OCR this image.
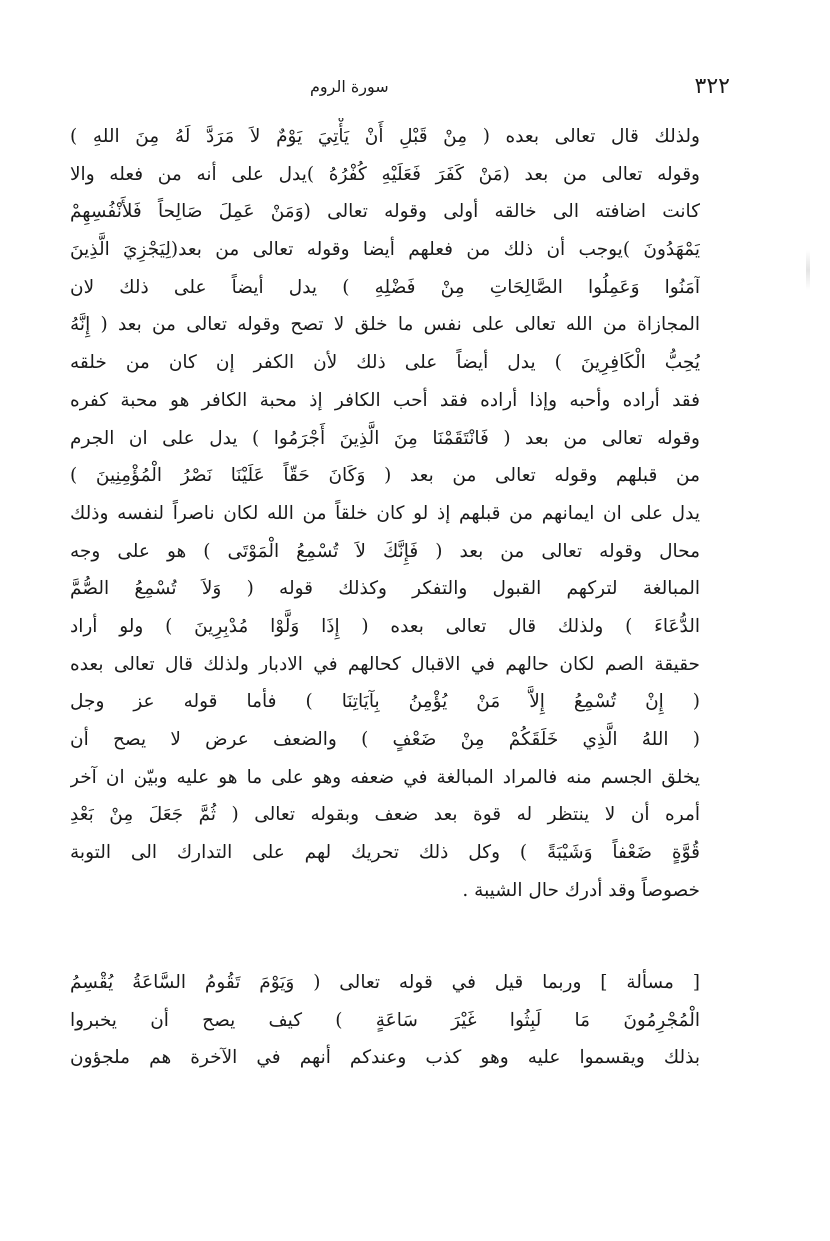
٣٢٢
سورة الروم
ولذلك قال تعالى بعده ( مِنْ قَبْلِ أَنْ يَأْتِيَ يَوْمٌ لاَ مَرَدَّ لَهُ مِنَ اللهِ )
وقوله تعالى من بعد (مَنْ كَفَرَ فَعَلَيْهِ كُفْرُهُ )يدل على أنه من فعله والا
كانت اضافته الى خالقه أولى وقوله تعالى (وَمَنْ عَمِلَ صَالِحاً فَلأَنْفُسِهِمْ
يَمْهَدُونَ )يوجب أن ذلك من فعلهم أيضا وقوله تعالى من بعد(لِيَجْزِيَ الَّذِينَ
آمَنُوا وَعَمِلُوا الصَّالِحَاتِ مِنْ فَضْلِهِ ) يدل أيضاً على ذلك لان
المجازاة من الله تعالى على نفس ما خلق لا تصح وقوله تعالى من بعد ( إِنَّهُ
يُحِبُّ الْكَافِرِينَ ) يدل أيضاً على ذلك لأن الكفر إن كان من خلقه
فقد أراده وأحبه وإذا أراده فقد أحب الكافر إذ محبة الكافر هو محبة كفره
وقوله تعالى من بعد ( فَانْتَقَمْنَا مِنَ الَّذِينَ أَجْرَمُوا ) يدل على ان الجرم
من قبلهم وقوله تعالى من بعد ( وَكَانَ حَقّاً عَلَيْنَا نَصْرُ الْمُؤْمِنِينَ )
يدل على ان ايمانهم من قبلهم إذ لو كان خلقاً من الله لكان ناصراً لنفسه وذلك
محال وقوله تعالى من بعد ( فَإِنَّكَ لاَ تُسْمِعُ الْمَوْتَى ) هو على وجه
المبالغة لتركهم القبول والتفكر وكذلك قوله ( وَلاَ تُسْمِعُ الصُّمَّ
الدُّعَاءَ ) ولذلك قال تعالى بعده ( إِذَا وَلَّوْا مُدْبِرِينَ ) ولو أراد
حقيقة الصم لكان حالهم في الاقبال كحالهم في الادبار ولذلك قال تعالى بعده
( إِنْ تُسْمِعُ إِلاَّ مَنْ يُؤْمِنُ بِآيَاتِنَا ) فأما قوله عز وجل
( اللهُ الَّذِي خَلَقَكُمْ مِنْ ضَعْفٍ ) والضعف عرض لا يصح أن
يخلق الجسم منه فالمراد المبالغة في ضعفه وهو على ما هو عليه وبيّن ان آخر
أمره أن لا ينتظر له قوة بعد ضعف وبقوله تعالى ( ثُمَّ جَعَلَ مِنْ بَعْدِ
قُوَّةٍ ضَعْفاً وَشَيْبَةً ) وكل ذلك تحريك لهم على التدارك الى التوبة
خصوصاً وقد أدرك حال الشيبة .
[ مسألة ] وربما قيل في قوله تعالى ( وَيَوْمَ تَقُومُ السَّاعَةُ يُقْسِمُ
الْمُجْرِمُونَ مَا لَبِثُوا غَيْرَ سَاعَةٍ ) كيف يصح أن يخبروا
بذلك ويقسموا عليه وهو كذب وعندكم أنهم في الآخرة هم ملجؤون
